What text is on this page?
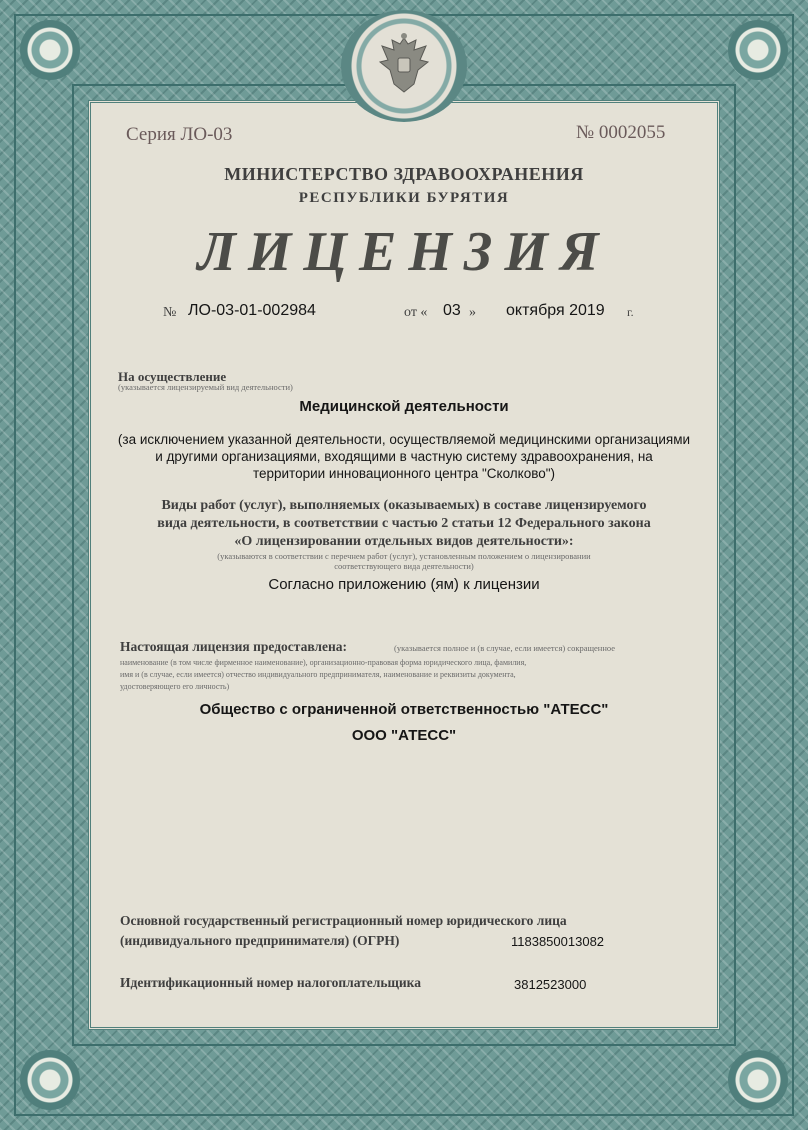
Серия ЛО-03	№ 0002055

МИНИСТЕРСТВО ЗДРАВООХРАНЕНИЯ

РЕСПУБЛИКИ БУРЯТИЯ

ЛИЦЕНЗИЯ

№ ЛО-03-01-002984	от « 03 » октября 2019 г.

На осуществление

(указывается лицензируемый вид деятельности)

Медицинской деятельности

(за исключением указанной деятельности, осуществляемой медицинскими организациями

и другими организациями, входящими в частную систему здравоохранения, на

территории инновационного центра "Сколково")

Виды работ (услуг), выполняемых (оказываемых) в составе лицензируемого

вида деятельности, в соответствии с частью 2 статьи 12 Федерального закона

«О лицензировании отдельных видов деятельности»:

(указываются в соответствии с перечнем работ (услуг), установленным положением о лицензировании

соответствующего вида деятельности)

Согласно приложению (ям) к лицензии

Настоящая лицензия предоставлена:	(указывается полное и (в случае, если имеется) сокращенное

наименование (в том числе фирменное наименование), организационно-правовая форма юридического лица, фамилия,

имя и (в случае, если имеется) отчество индивидуального предпринимателя, наименование и реквизиты документа,

удостоверяющего его личность)

Общество с ограниченной ответственностью "АТЕСС"

ООО "АТЕСС"

Основной государственный регистрационный номер юридического лица

(индивидуального предпринимателя) (ОГРН)	1183850013082

Идентификационный номер налогоплательщика	3812523000
